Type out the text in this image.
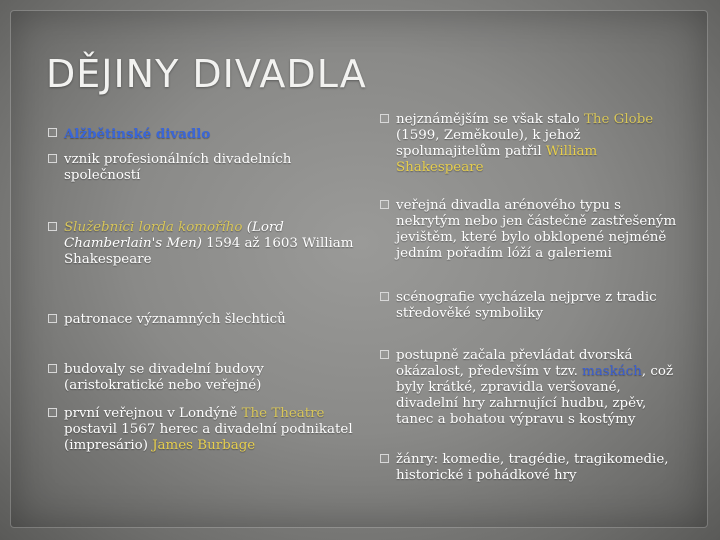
DĚJINY DIVADLA
Alžbětinské divadlo
vznik profesionálních divadelních společností
Služebníci lorda komořího (Lord Chamberlain's Men) 1594 až 1603 William Shakespeare
patronace významných šlechticů
budovaly se divadelní budovy (aristokratické nebo veřejné)
první veřejnou v Londýně The Theatre postavil 1567 herec a divadelní podnikatel (impresário) James Burbage
nejznámějším se však stalo The Globe (1599, Zeměkoule), k jehož spolumajitelům patřil William Shakespeare
veřejná divadla arénového typu s nekrytým nebo jen částečně zastřešeným jevištěm, které bylo obklopené nejméně jedním pořadím lóží a galeriemi
scénografie vycházela nejprve z tradic středověké symboliky
postupně začala převládat dvorská okázalost, především v tzv. maskách, což byly krátké, zpravidla veršované, divadelní hry zahrnující hudbu, zpěv, tanec a bohatou výpravu s kostýmy
žánry: komedie, tragédie, tragikomedie, historické i pohádkové hry
